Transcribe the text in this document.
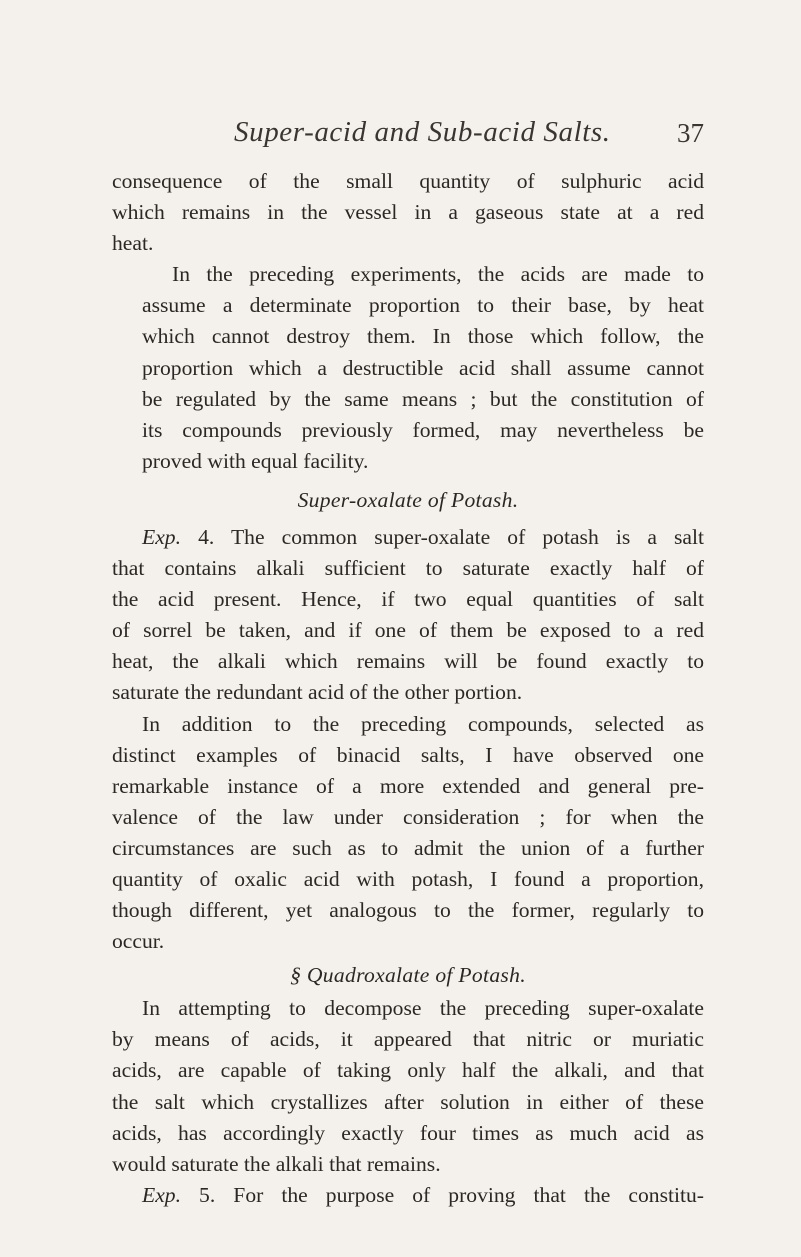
Super-acid and Sub-acid Salts. 37

consequence of the small quantity of sulphuric acid
which remains in the vessel in a gaseous state at a red
heat.

In the preceding experiments, the acids are made to
assume a determinate proportion to their base, by heat
which cannot destroy them. In those which follow, the
proportion which a destructible acid shall assume cannot
be regulated by the same means ; but the constitution of
its compounds previously formed, may nevertheless be
proved with equal facility.

Super-oxalate of Potash.

Exp. 4. The common super-oxalate of potash is a salt
that contains alkali sufficient to saturate exactly half of
the acid present. Hence, if two equal quantities of salt
of sorrel be taken, and if one of them be exposed to a red
heat, the alkali which remains will be found exactly to
saturate the redundant acid of the other portion.

In addition to the preceding compounds, selected as
distinct examples of binacid salts, I have observed one
remarkable instance of a more extended and general pre-
valence of the law under consideration ; for when the
circumstances are such as to admit the union of a further
quantity of oxalic acid with potash, I found a proportion,
though different, yet analogous to the former, regularly to
occur.

§ Quadroxalate of Potash.

In attempting to decompose the preceding super-oxalate
by means of acids, it appeared that nitric or muriatic
acids, are capable of taking only half the alkali, and that
the salt which crystallizes after solution in either of these
acids, has accordingly exactly four times as much acid as
would saturate the alkali that remains.

Exp. 5. For the purpose of proving that the constitu-
